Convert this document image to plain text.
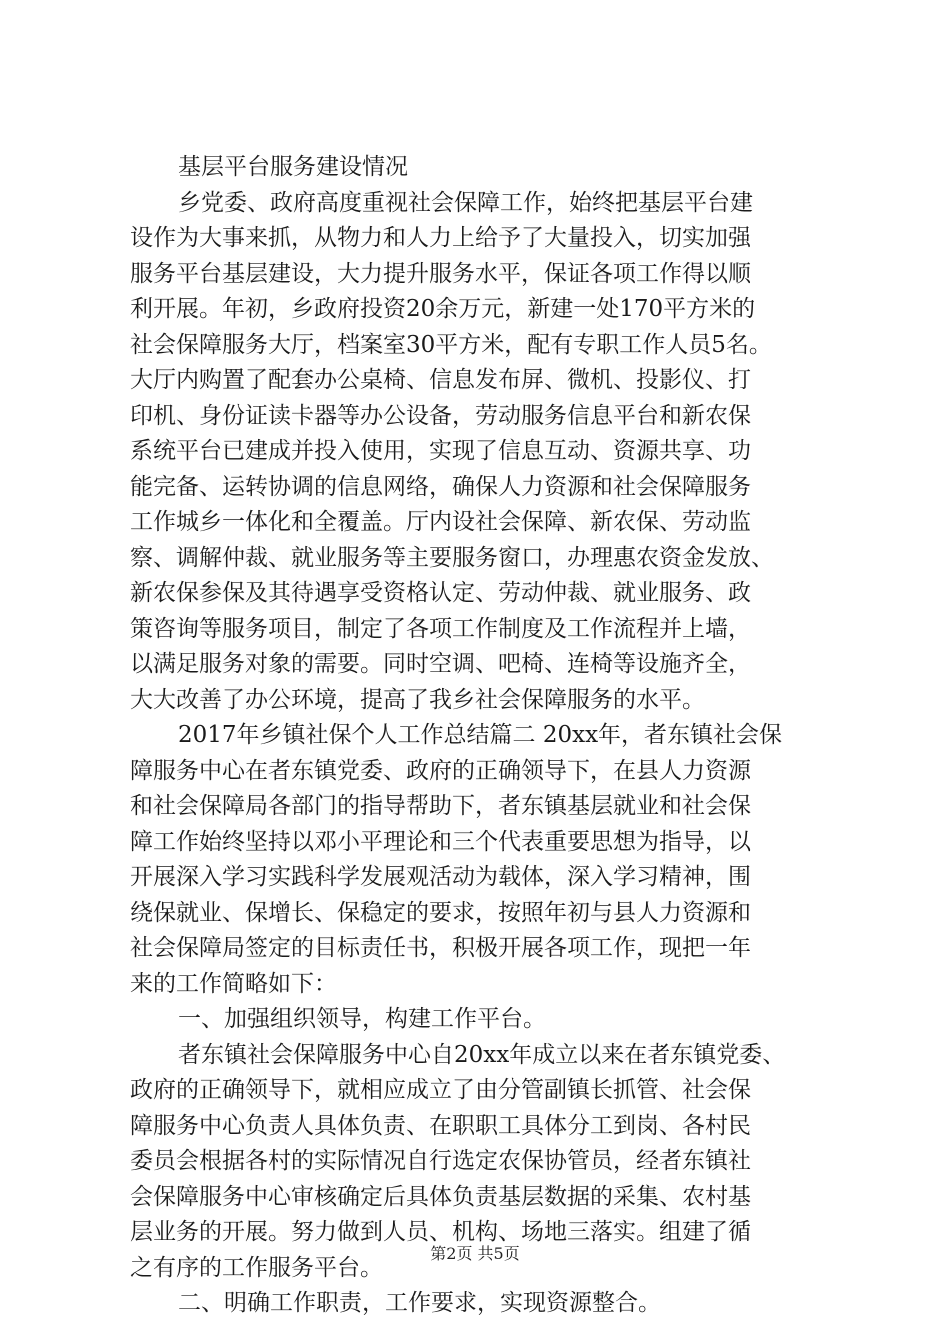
基层平台服务建设情况
乡党委、政府高度重视社会保障工作，始终把基层平台建
设作为大事来抓，从物力和人力上给予了大量投入，切实加强
服务平台基层建设，大力提升服务水平，保证各项工作得以顺
利开展。年初，乡政府投资20余万元，新建一处170平方米的
社会保障服务大厅，档案室30平方米，配有专职工作人员5名。
大厅内购置了配套办公桌椅、信息发布屏、微机、投影仪、打
印机、身份证读卡器等办公设备，劳动服务信息平台和新农保
系统平台已建成并投入使用，实现了信息互动、资源共享、功
能完备、运转协调的信息网络，确保人力资源和社会保障服务
工作城乡一体化和全覆盖。厅内设社会保障、新农保、劳动监
察、调解仲裁、就业服务等主要服务窗口，办理惠农资金发放、
新农保参保及其待遇享受资格认定、劳动仲裁、就业服务、政
策咨询等服务项目，制定了各项工作制度及工作流程并上墙，
以满足服务对象的需要。同时空调、吧椅、连椅等设施齐全，
大大改善了办公环境，提高了我乡社会保障服务的水平。
2017年乡镇社保个人工作总结篇二 20xx年，者东镇社会保
障服务中心在者东镇党委、政府的正确领导下，在县人力资源
和社会保障局各部门的指导帮助下，者东镇基层就业和社会保
障工作始终坚持以邓小平理论和三个代表重要思想为指导，以
开展深入学习实践科学发展观活动为载体，深入学习精神，围
绕保就业、保增长、保稳定的要求，按照年初与县人力资源和
社会保障局签定的目标责任书，积极开展各项工作，现把一年
来的工作简略如下：
一、加强组织领导，构建工作平台。
者东镇社会保障服务中心自20xx年成立以来在者东镇党委、
政府的正确领导下，就相应成立了由分管副镇长抓管、社会保
障服务中心负责人具体负责、在职职工具体分工到岗、各村民
委员会根据各村的实际情况自行选定农保协管员，经者东镇社
会保障服务中心审核确定后具体负责基层数据的采集、农村基
层业务的开展。努力做到人员、机构、场地三落实。组建了循
之有序的工作服务平台。
二、明确工作职责，工作要求，实现资源整合。
第2页 共5页
